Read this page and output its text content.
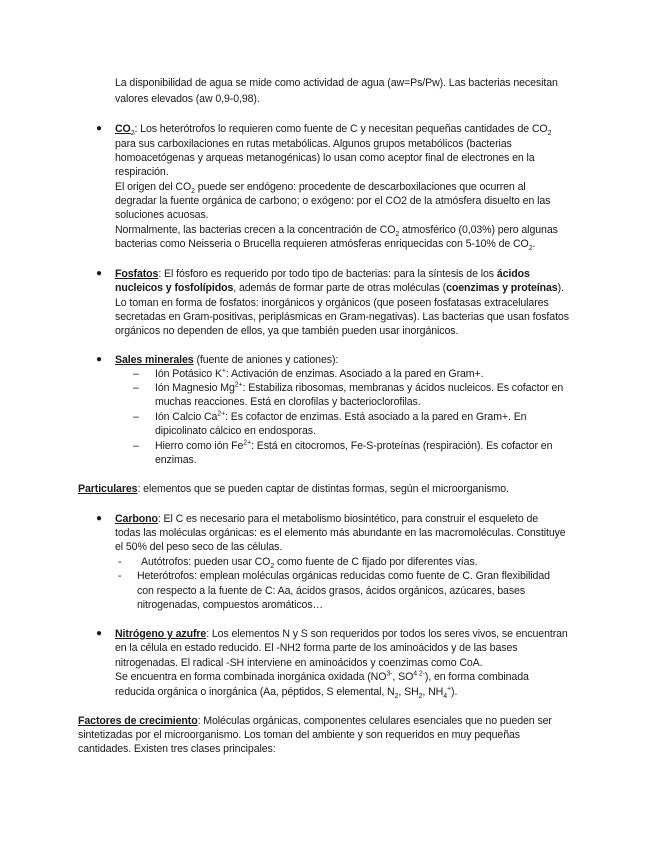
La disponibilidad de agua se mide como actividad de agua (aw=Ps/Pw). Las bacterias necesitan
valores elevados (aw 0,9-0,98).
● $CO_2$: Los heterótrofos lo requieren como fuente de C y necesitan pequeñas cantidades de $CO_2$
para sus carboxilaciones en rutas metabólicas. Algunos grupos metabólicos (bacterias
homoacetógenas y arqueas metanogénicas) lo usan como aceptor final de electrones en la
respiración.
El origen del $CO_2$ puede ser endógeno: procedente de descarboxilaciones que ocurren al
degradar la fuente orgánica de carbono; o exógeno: por el CO2 de la atmósfera disuelto en las
soluciones acuosas.
Normalmente, las bacterias crecen a la concentración de $CO_2$ atmosférico (0,03%) pero algunas
bacterias como Neisseria o Brucella requieren atmósferas enriquecidas con 5-10% de $CO_2$.
● Fosfatos: El fósforo es requerido por todo tipo de bacterias: para la síntesis de los ácidos
nucleicos y fosfolípidos, además de formar parte de otras moléculas (coenzimas y proteínas).
Lo toman en forma de fosfatos: inorgánicos y orgánicos (que poseen fosfatasas extracelulares
secretadas en Gram-positivas, periplásmicas en Gram-negativas). Las bacterias que usan fosfatos
orgánicos no dependen de ellos, ya que también pueden usar inorgánicos.
● Sales minerales (fuente de aniones y cationes):
– Ión Potásico K+: Activación de enzimas. Asociado a la pared en Gram+.
– Ión Magnesio $Mg^{2+}$: Estabiliza ribosomas, membranas y ácidos nucleicos. Es cofactor en
muchas reacciones. Está en clorofilas y bacterioclorofilas.
– Ión Calcio $Ca^{2+}$: Es cofactor de enzimas. Está asociado a la pared en Gram+. En
dipicolinato cálcico en endosporas.
– Hierro como ión $Fe^{2+}$: Está en citocromos, Fe-S-proteínas (respiración). Es cofactor en
enzimas.
Particulares: elementos que se pueden captar de distintas formas, según el microorganismo.
● Carbono: El C es necesario para el metabolismo biosintético, para construir el esqueleto de
todas las moléculas orgánicas: es el elemento más abundante en las macromoléculas. Constituye
el 50% del peso seco de las células.
- Autótrofos: pueden usar $CO_2$ como fuente de C fijado por diferentes vías.
- Heterótrofos: emplean moléculas orgánicas reducidas como fuente de C. Gran flexibilidad
con respecto a la fuente de C: Aa, ácidos grasos, ácidos orgánicos, azúcares, bases
nitrogenadas, compuestos aromáticos…
● Nitrógeno y azufre: Los elementos N y S son requeridos por todos los seres vivos, se encuentran
en la célula en estado reducido. El -NH2 forma parte de los aminoácidos y de las bases
nitrogenadas. El radical -SH interviene en aminoácidos y coenzimas como CoA.
Se encuentra en forma combinada inorgánica oxidada ($NO^{3-}$, $SO^{4 2-}$), en forma combinada
reducida orgánica o inorgánica (Aa, péptidos, S elemental, $N_2$, $SH_2$, $NH_4^+$).
Factores de crecimiento: Moléculas orgánicas, componentes celulares esenciales que no pueden ser
sintetizadas por el microorganismo. Los toman del ambiente y son requeridos en muy pequeñas
cantidades. Existen tres clases principales:
